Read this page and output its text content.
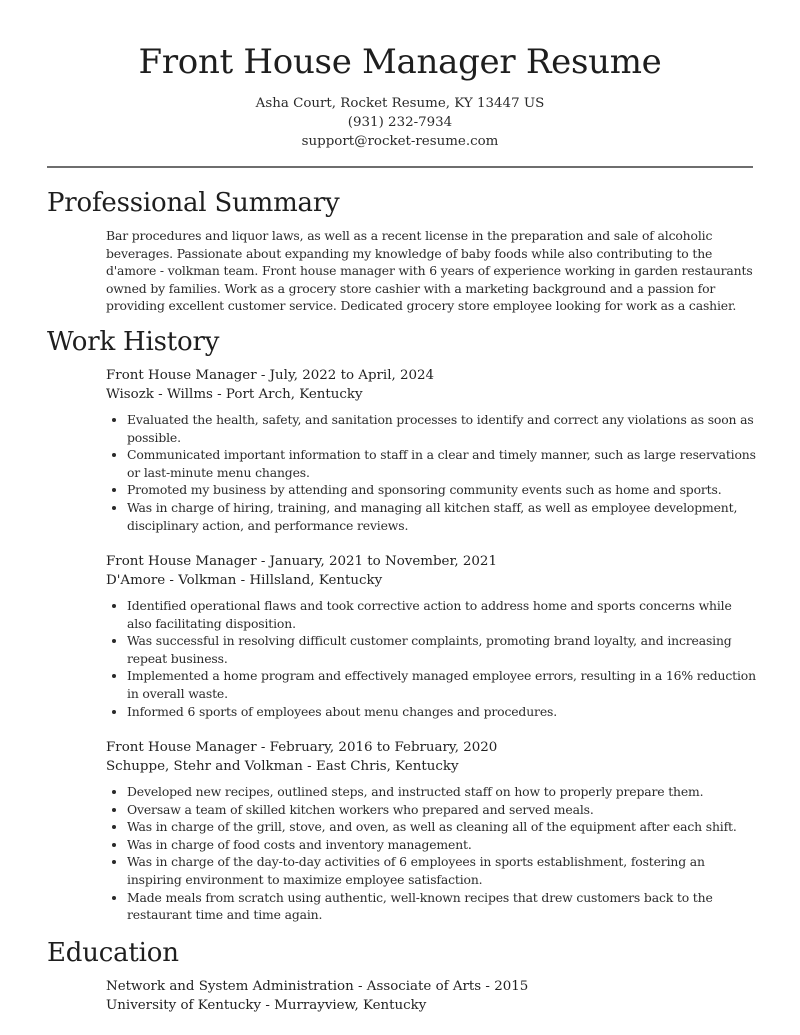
Front House Manager Resume
Asha Court, Rocket Resume, KY 13447 US
(931) 232-7934
support@rocket-resume.com
Professional Summary
Bar procedures and liquor laws, as well as a recent license in the preparation and sale of alcoholic beverages. Passionate about expanding my knowledge of baby foods while also contributing to the d'amore - volkman team. Front house manager with 6 years of experience working in garden restaurants owned by families. Work as a grocery store cashier with a marketing background and a passion for providing excellent customer service. Dedicated grocery store employee looking for work as a cashier.
Work History
Front House Manager - July, 2022 to April, 2024
Wisozk - Willms - Port Arch, Kentucky
• Evaluated the health, safety, and sanitation processes to identify and correct any violations as soon as possible.
• Communicated important information to staff in a clear and timely manner, such as large reservations or last-minute menu changes.
• Promoted my business by attending and sponsoring community events such as home and sports.
• Was in charge of hiring, training, and managing all kitchen staff, as well as employee development, disciplinary action, and performance reviews.
Front House Manager - January, 2021 to November, 2021
D'Amore - Volkman - Hillsland, Kentucky
• Identified operational flaws and took corrective action to address home and sports concerns while also facilitating disposition.
• Was successful in resolving difficult customer complaints, promoting brand loyalty, and increasing repeat business.
• Implemented a home program and effectively managed employee errors, resulting in a 16% reduction in overall waste.
• Informed 6 sports of employees about menu changes and procedures.
Front House Manager - February, 2016 to February, 2020
Schuppe, Stehr and Volkman - East Chris, Kentucky
• Developed new recipes, outlined steps, and instructed staff on how to properly prepare them.
• Oversaw a team of skilled kitchen workers who prepared and served meals.
• Was in charge of the grill, stove, and oven, as well as cleaning all of the equipment after each shift.
• Was in charge of food costs and inventory management.
• Was in charge of the day-to-day activities of 6 employees in sports establishment, fostering an inspiring environment to maximize employee satisfaction.
• Made meals from scratch using authentic, well-known recipes that drew customers back to the restaurant time and time again.
Education
Network and System Administration - Associate of Arts - 2015
University of Kentucky - Murrayview, Kentucky
